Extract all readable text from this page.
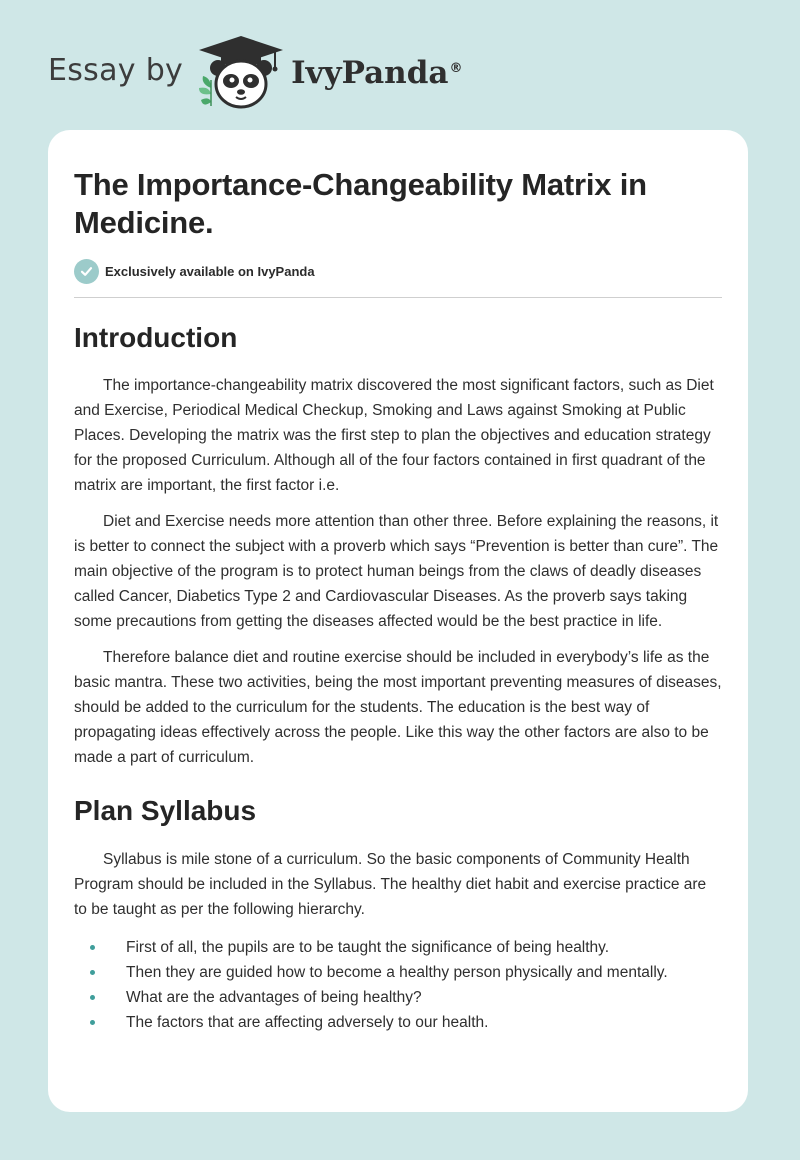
Essay by	IvyPanda®
The Importance-Changeability Matrix in Medicine.
Exclusively available on IvyPanda
Introduction

The importance-changeability matrix discovered the most significant factors, such as Diet and Exercise, Periodical Medical Checkup, Smoking and Laws against Smoking at Public Places. Developing the matrix was the first step to plan the objectives and education strategy for the proposed Curriculum. Although all of the four factors contained in first quadrant of the matrix are important, the first factor i.e.

Diet and Exercise needs more attention than other three. Before explaining the reasons, it is better to connect the subject with a proverb which says “Prevention is better than cure”. The main objective of the program is to protect human beings from the claws of deadly diseases called Cancer, Diabetics Type 2 and Cardiovascular Diseases. As the proverb says taking some precautions from getting the diseases affected would be the best practice in life.

Therefore balance diet and routine exercise should be included in everybody’s life as the basic mantra. These two activities, being the most important preventing measures of diseases, should be added to the curriculum for the students. The education is the best way of propagating ideas effectively across the people. Like this way the other factors are also to be made a part of curriculum.

Plan Syllabus

Syllabus is mile stone of a curriculum. So the basic components of Community Health Program should be included in the Syllabus. The healthy diet habit and exercise practice are to be taught as per the following hierarchy.

First of all, the pupils are to be taught the significance of being healthy.
Then they are guided how to become a healthy person physically and mentally.
What are the advantages of being healthy?
The factors that are affecting adversely to our health.
